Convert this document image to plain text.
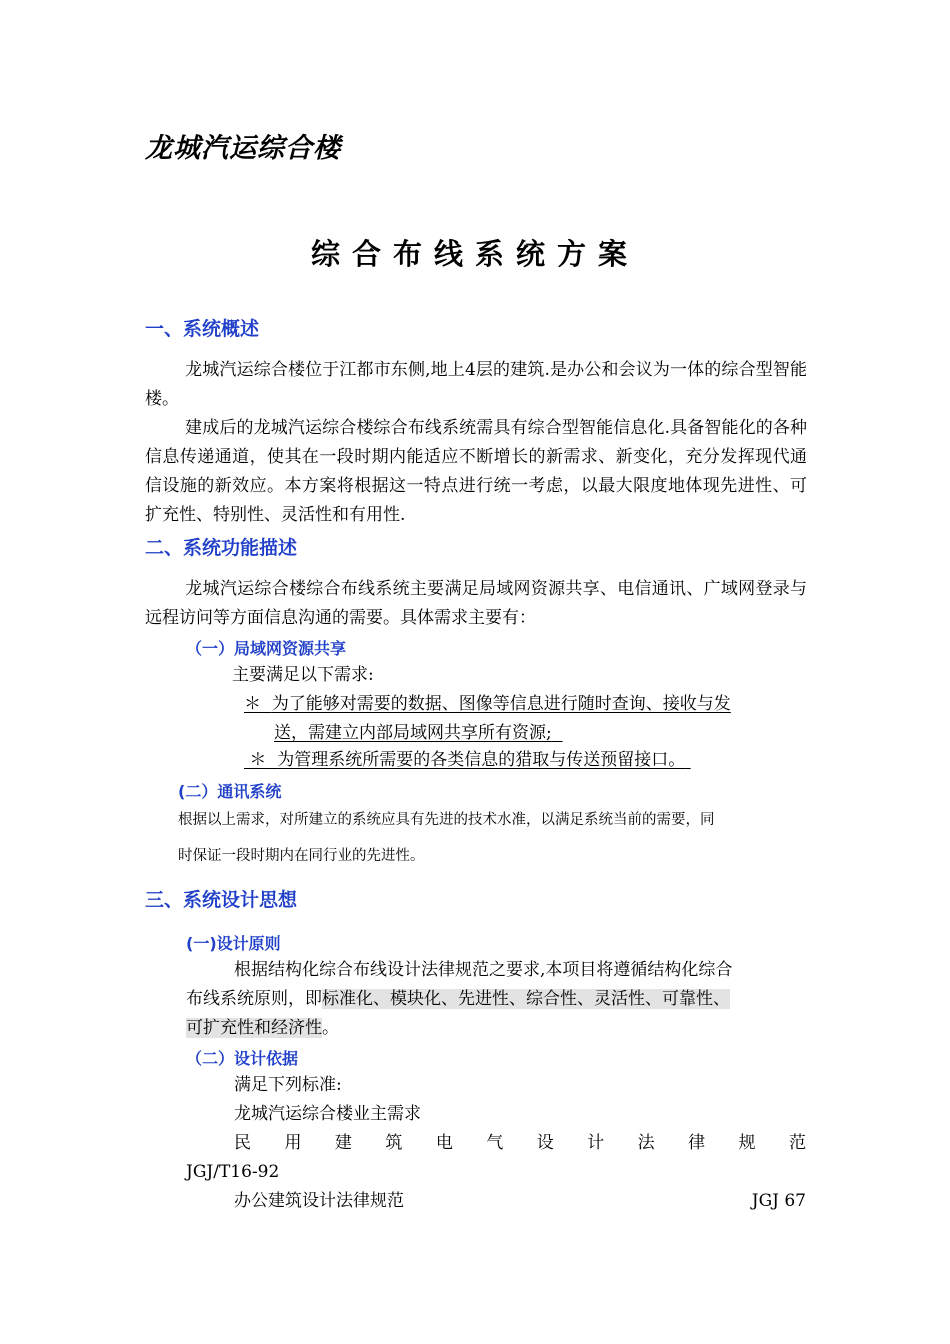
龙城汽运综合楼
综合布线系统方案
一、系统概述
龙城汽运综合楼位于江都市东侧,地上4层的建筑.是办公和会议为一体的综合型智能楼。
建成后的龙城汽运综合楼综合布线系统需具有综合型智能信息化.具备智能化的各种信息传递通道，使其在一段时期内能适应不断增长的新需求、新变化，充分发挥现代通信设施的新效应。本方案将根据这一特点进行统一考虑，以最大限度地体现先进性、可扩充性、特别性、灵活性和有用性.
二、系统功能描述
龙城汽运综合楼综合布线系统主要满足局域网资源共享、电信通讯、广域网登录与远程访问等方面信息沟通的需要。具体需求主要有：
（一）局域网资源共享
主要满足以下需求:
＊ 为了能够对需要的数据、图像等信息进行随时查询、接收与发
送，需建立内部局域网共享所有资源;
＊ 为管理系统所需要的各类信息的猎取与传送预留接口。
(二）通讯系统
根据以上需求，对所建立的系统应具有先进的技术水准，以满足系统当前的需要，同
时保证一段时期内在同行业的先进性。
三、系统设计思想
(一)设计原则
根据结构化综合布线设计法律规范之要求,本项目将遵循结构化综合
布线系统原则，即标准化、模块化、先进性、综合性、灵活性、可靠性、
可扩充性和经济性。
（二）设计依据
满足下列标准:
龙城汽运综合楼业主需求
民 用 建 筑 电 气 设 计 法 律 规 范
JGJ/T16-92
办公建筑设计法律规范	JGJ 67
